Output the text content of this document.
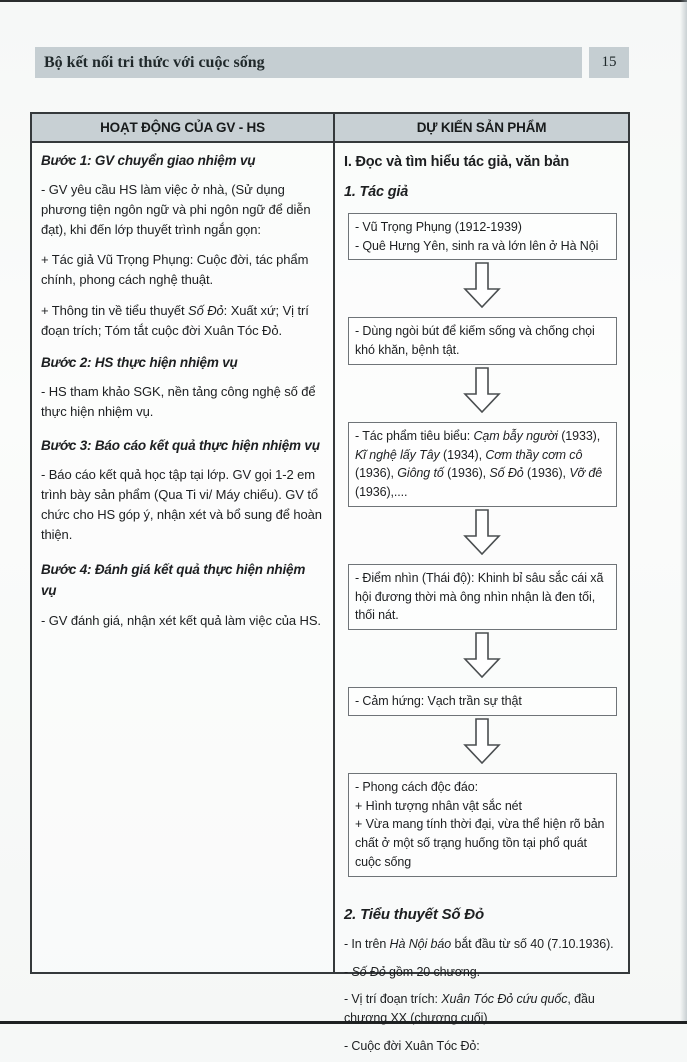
Bộ kết nối tri thức với cuộc sống	15
HOẠT ĐỘNG CỦA GV - HS
Bước 1: GV chuyển giao nhiệm vụ
- GV yêu cầu HS làm việc ở nhà, (Sử dụng phương tiện ngôn ngữ và phi ngôn ngữ để diễn đạt), khi đến lớp thuyết trình ngắn gọn:
+ Tác giả Vũ Trọng Phụng: Cuộc đời, tác phẩm chính, phong cách nghệ thuật.
+ Thông tin về tiểu thuyết Số Đỏ: Xuất xứ; Vị trí đoạn trích; Tóm tắt cuộc đời Xuân Tóc Đỏ.
Bước 2: HS thực hiện nhiệm vụ
- HS tham khảo SGK, nền tảng công nghệ số để thực hiện nhiệm vụ.
Bước 3: Báo cáo kết quả thực hiện nhiệm vụ
- Báo cáo kết quả học tập tại lớp. GV gọi 1-2 em trình bày sản phẩm (Qua Ti vi/ Máy chiếu). GV tổ chức cho HS góp ý, nhận xét và bổ sung để hoàn thiện.
Bước 4: Đánh giá kết quả thực hiện nhiệm vụ
- GV đánh giá, nhận xét kết quả làm việc của HS.
DỰ KIẾN SẢN PHẨM
I. Đọc và tìm hiểu tác giả, văn bản
1. Tác giả
- Vũ Trọng Phụng (1912-1939)
- Quê Hưng Yên, sinh ra và lớn lên ở Hà Nội
- Dùng ngòi bút để kiếm sống và chống chọi khó khăn, bệnh tật.
- Tác phẩm tiêu biểu: Cạm bẫy người (1933), Kĩ nghệ lấy Tây (1934), Cơm thầy cơm cô (1936), Giông tố (1936), Số Đỏ (1936), Vỡ đê (1936),....
- Điểm nhìn (Thái độ): Khinh bỉ sâu sắc cái xã hội đương thời mà ông nhìn nhận là đen tối, thối nát.
- Cảm hứng: Vạch trần sự thật
- Phong cách độc đáo:
+ Hình tượng nhân vật sắc nét
+ Vừa mang tính thời đại, vừa thể hiện rõ bản chất ở một số trạng huống tồn tại phổ quát cuộc sống
2. Tiểu thuyết Số Đỏ
- In trên Hà Nội báo bắt đầu từ số 40 (7.10.1936).
- Số Đỏ gồm 20 chương.
- Vị trí đoạn trích: Xuân Tóc Đỏ cứu quốc, đầu chương XX (chương cuối)
- Cuộc đời Xuân Tóc Đỏ:
